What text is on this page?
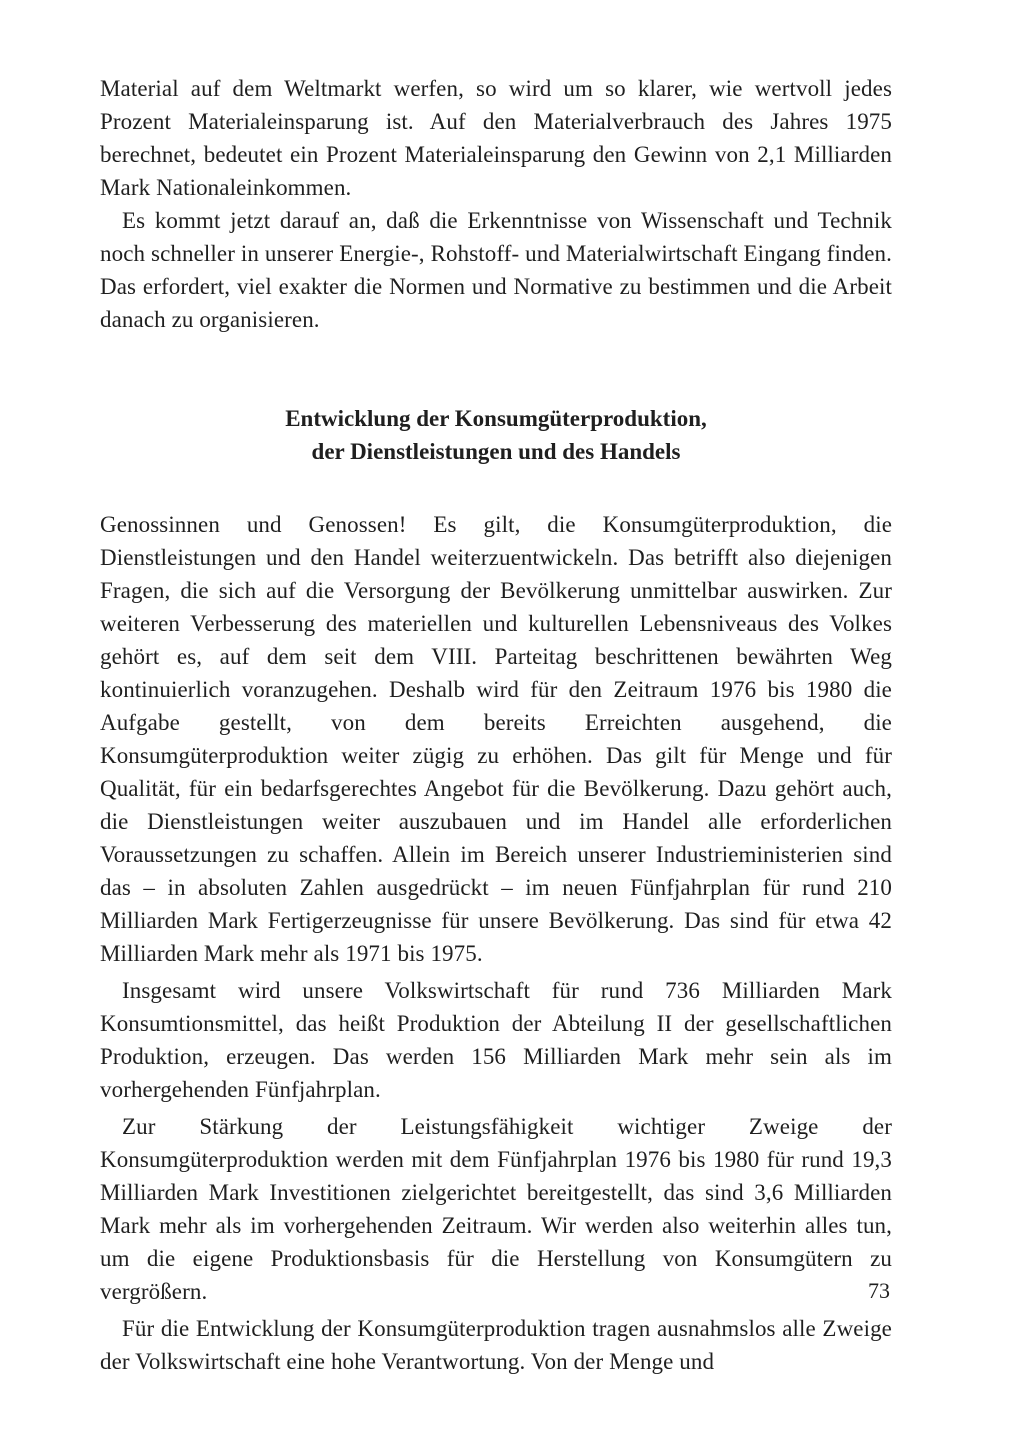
Material auf dem Weltmarkt werfen, so wird um so klarer, wie wertvoll jedes Prozent Materialeinsparung ist. Auf den Materialverbrauch des Jahres 1975 berechnet, bedeutet ein Prozent Materialeinsparung den Gewinn von 2,1 Milliarden Mark Nationaleinkommen.

Es kommt jetzt darauf an, daß die Erkenntnisse von Wissenschaft und Technik noch schneller in unserer Energie-, Rohstoff- und Materialwirtschaft Eingang finden. Das erfordert, viel exakter die Normen und Normative zu bestimmen und die Arbeit danach zu organisieren.

Entwicklung der Konsumgüterproduktion,
der Dienstleistungen und des Handels

Genossinnen und Genossen! Es gilt, die Konsumgüterproduktion, die Dienstleistungen und den Handel weiterzuentwickeln. Das betrifft also diejenigen Fragen, die sich auf die Versorgung der Bevölkerung unmittelbar auswirken. Zur weiteren Verbesserung des materiellen und kulturellen Lebensniveaus des Volkes gehört es, auf dem seit dem VIII. Parteitag beschrittenen bewährten Weg kontinuierlich voranzugehen. Deshalb wird für den Zeitraum 1976 bis 1980 die Aufgabe gestellt, von dem bereits Erreichten ausgehend, die Konsumgüterproduktion weiter zügig zu erhöhen. Das gilt für Menge und für Qualität, für ein bedarfsgerechtes Angebot für die Bevölkerung. Dazu gehört auch, die Dienstleistungen weiter auszubauen und im Handel alle erforderlichen Voraussetzungen zu schaffen. Allein im Bereich unserer Industrieministerien sind das – in absoluten Zahlen ausgedrückt – im neuen Fünfjahrplan für rund 210 Milliarden Mark Fertigerzeugnisse für unsere Bevölkerung. Das sind für etwa 42 Milliarden Mark mehr als 1971 bis 1975.

Insgesamt wird unsere Volkswirtschaft für rund 736 Milliarden Mark Konsumtionsmittel, das heißt Produktion der Abteilung II der gesellschaftlichen Produktion, erzeugen. Das werden 156 Milliarden Mark mehr sein als im vorhergehenden Fünfjahrplan.

Zur Stärkung der Leistungsfähigkeit wichtiger Zweige der Konsumgüterproduktion werden mit dem Fünfjahrplan 1976 bis 1980 für rund 19,3 Milliarden Mark Investitionen zielgerichtet bereitgestellt, das sind 3,6 Milliarden Mark mehr als im vorhergehenden Zeitraum. Wir werden also weiterhin alles tun, um die eigene Produktionsbasis für die Herstellung von Konsumgütern zu vergrößern.

Für die Entwicklung der Konsumgüterproduktion tragen ausnahmslos alle Zweige der Volkswirtschaft eine hohe Verantwortung. Von der Menge und

73
